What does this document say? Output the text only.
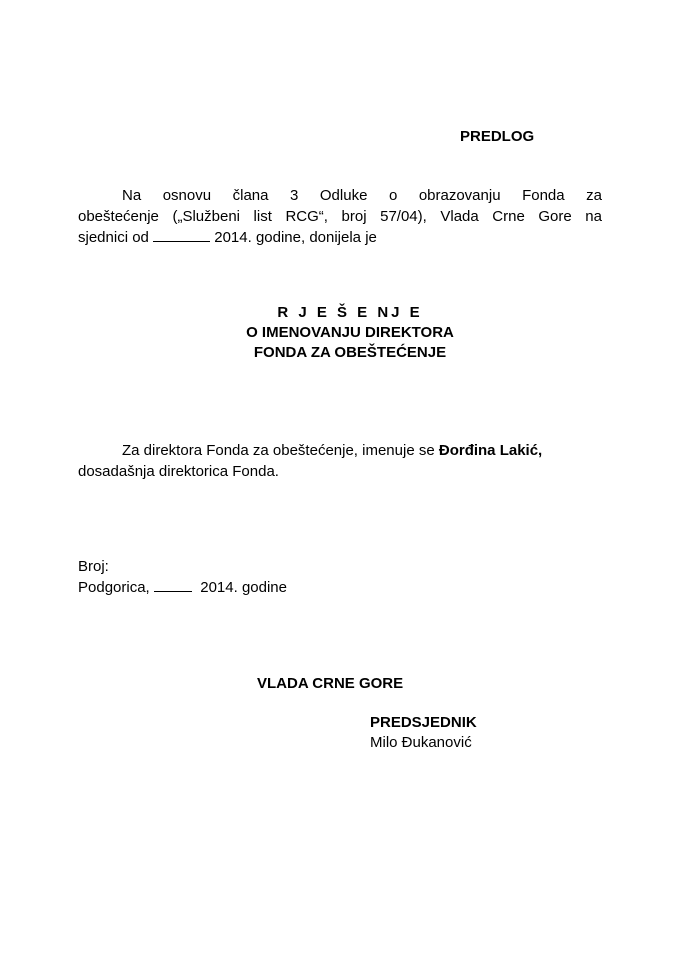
PREDLOG
Na osnovu člana 3 Odluke o obrazovanju Fonda za
obeštećenje („Službeni list RCG“, broj 57/04), Vlada Crne Gore na
sjednici od	2014. godine, donijela je
R J E Š E NJ E
O IMENOVANJU DIREKTORA
FONDA ZA OBEŠTEĆENJE
Za direktora Fonda za obeštećenje, imenuje se Đorđina Lakić,
dosadašnja direktorica Fonda.
Broj:
Podgorica,	2014. godine
VLADA CRNE GORE
PREDSJEDNIK
Milo Đukanović
